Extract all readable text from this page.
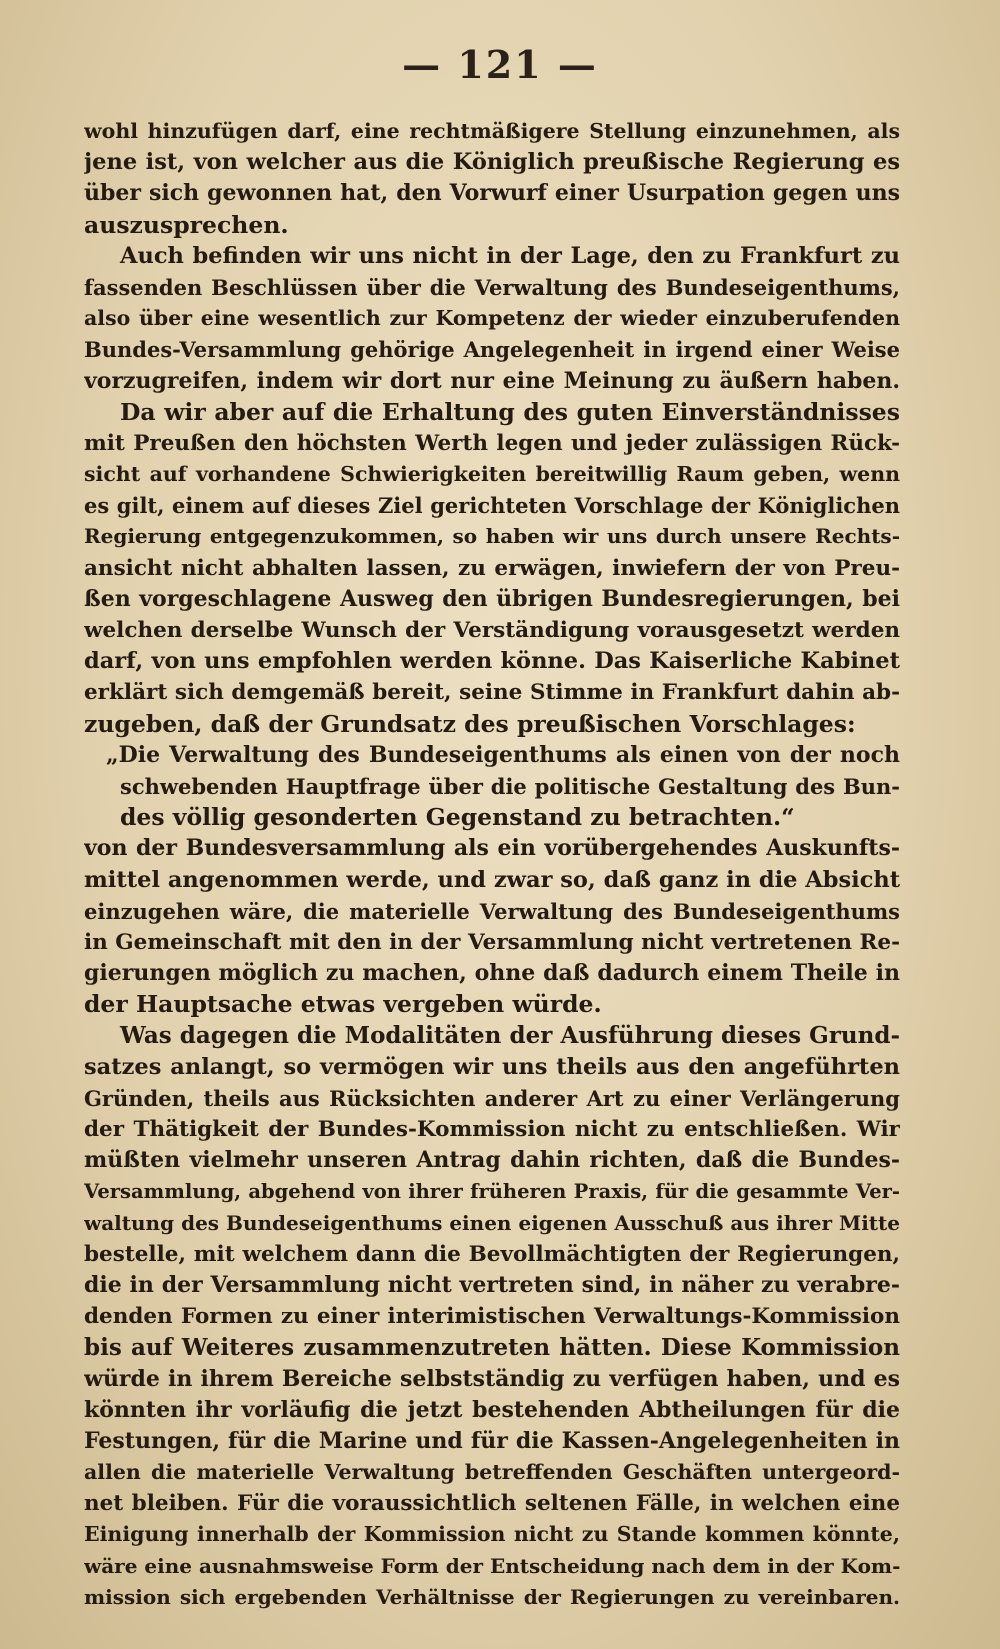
— 121 —
wohl hinzufügen darf, eine rechtmäßigere Stellung einzunehmen, als
jene ist, von welcher aus die Königlich preußische Regierung es
über sich gewonnen hat, den Vorwurf einer Usurpation gegen uns
auszusprechen.
Auch befinden wir uns nicht in der Lage, den zu Frankfurt zu
fassenden Beschlüssen über die Verwaltung des Bundeseigenthums,
also über eine wesentlich zur Kompetenz der wieder einzuberufenden
Bundes-Versammlung gehörige Angelegenheit in irgend einer Weise
vorzugreifen, indem wir dort nur eine Meinung zu äußern haben.
Da wir aber auf die Erhaltung des guten Einverständnisses
mit Preußen den höchsten Werth legen und jeder zulässigen Rück-
sicht auf vorhandene Schwierigkeiten bereitwillig Raum geben, wenn
es gilt, einem auf dieses Ziel gerichteten Vorschlage der Königlichen
Regierung entgegenzukommen, so haben wir uns durch unsere Rechts-
ansicht nicht abhalten lassen, zu erwägen, inwiefern der von Preu-
ßen vorgeschlagene Ausweg den übrigen Bundesregierungen, bei
welchen derselbe Wunsch der Verständigung vorausgesetzt werden
darf, von uns empfohlen werden könne. Das Kaiserliche Kabinet
erklärt sich demgemäß bereit, seine Stimme in Frankfurt dahin ab-
zugeben, daß der Grundsatz des preußischen Vorschlages:
„Die Verwaltung des Bundeseigenthums als einen von der noch
schwebenden Hauptfrage über die politische Gestaltung des Bun-
des völlig gesonderten Gegenstand zu betrachten.“
von der Bundesversammlung als ein vorübergehendes Auskunfts-
mittel angenommen werde, und zwar so, daß ganz in die Absicht
einzugehen wäre, die materielle Verwaltung des Bundeseigenthums
in Gemeinschaft mit den in der Versammlung nicht vertretenen Re-
gierungen möglich zu machen, ohne daß dadurch einem Theile in
der Hauptsache etwas vergeben würde.
Was dagegen die Modalitäten der Ausführung dieses Grund-
satzes anlangt, so vermögen wir uns theils aus den angeführten
Gründen, theils aus Rücksichten anderer Art zu einer Verlängerung
der Thätigkeit der Bundes-Kommission nicht zu entschließen. Wir
müßten vielmehr unseren Antrag dahin richten, daß die Bundes-
Versammlung, abgehend von ihrer früheren Praxis, für die gesammte Ver-
waltung des Bundeseigenthums einen eigenen Ausschuß aus ihrer Mitte
bestelle, mit welchem dann die Bevollmächtigten der Regierungen,
die in der Versammlung nicht vertreten sind, in näher zu verabre-
denden Formen zu einer interimistischen Verwaltungs-Kommission
bis auf Weiteres zusammenzutreten hätten. Diese Kommission
würde in ihrem Bereiche selbstständig zu verfügen haben, und es
könnten ihr vorläufig die jetzt bestehenden Abtheilungen für die
Festungen, für die Marine und für die Kassen-Angelegenheiten in
allen die materielle Verwaltung betreffenden Geschäften untergeord-
net bleiben. Für die voraussichtlich seltenen Fälle, in welchen eine
Einigung innerhalb der Kommission nicht zu Stande kommen könnte,
wäre eine ausnahmsweise Form der Entscheidung nach dem in der Kom-
mission sich ergebenden Verhältnisse der Regierungen zu vereinbaren.
